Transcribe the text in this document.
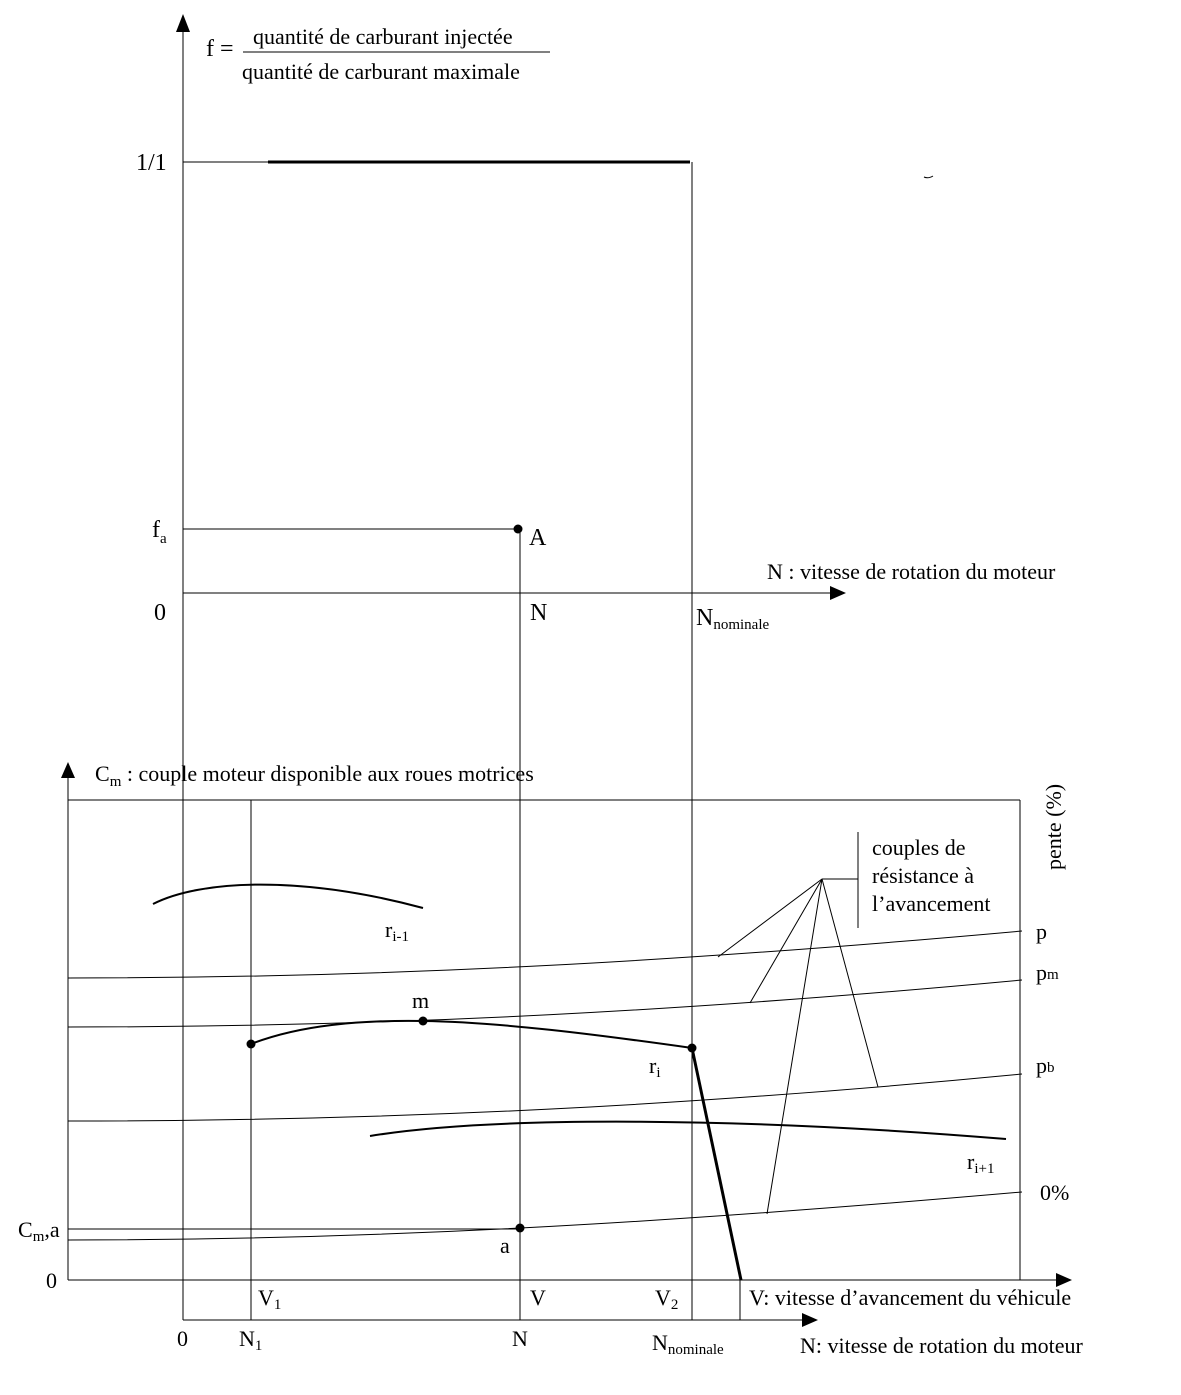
f = quantité de carburant injectée
quantité de carburant maximale
1/1
$f_a$	A
N : vitesse de rotation du moteur
0	N	Nnominale
$C_m$ : couple moteur disponible aux roues motrices
pente (%)
p
pm
pb
0%
couples de
résistance à
l’avancement
ri-1
ri
ri+1
m
a
Cm,a
0
V1	V	V2	V: vitesse d’avancement du véhicule
0 N1	N	Nnominale	N: vitesse de rotation du moteur
